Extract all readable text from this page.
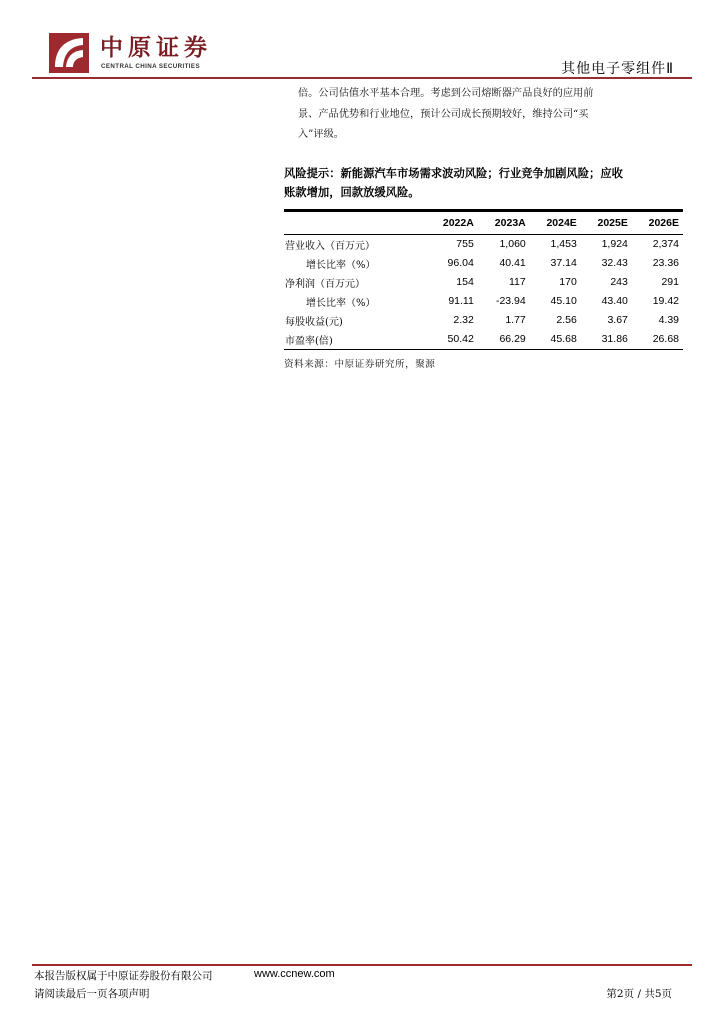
中原证券
CENTRAL CHINA SECURITIES	其他电子零组件Ⅱ

倍。公司估值水平基本合理。考虑到公司熔断器产品良好的应用前
景、产品优势和行业地位，预计公司成长预期较好，维持公司“买
入”评级。

风险提示：新能源汽车市场需求波动风险；行业竞争加剧风险；应收
账款增加，回款放缓风险。

	2022A	2023A	2024E	2025E	2026E
营业收入（百万元）	755	1,060	1,453	1,924	2,374
增长比率（%）	96.04	40.41	37.14	32.43	23.36
净利润（百万元）	154	117	170	243	291
增长比率（%）	91.11	-23.94	45.10	43.40	19.42
每股收益(元)	2.32	1.77	2.56	3.67	4.39
市盈率(倍)	50.42	66.29	45.68	31.86	26.68
资料来源：中原证券研究所，聚源
本报告版权属于中原证券股份有限公司	www.ccnew.com
请阅读最后一页各项声明	第2页 / 共5页
